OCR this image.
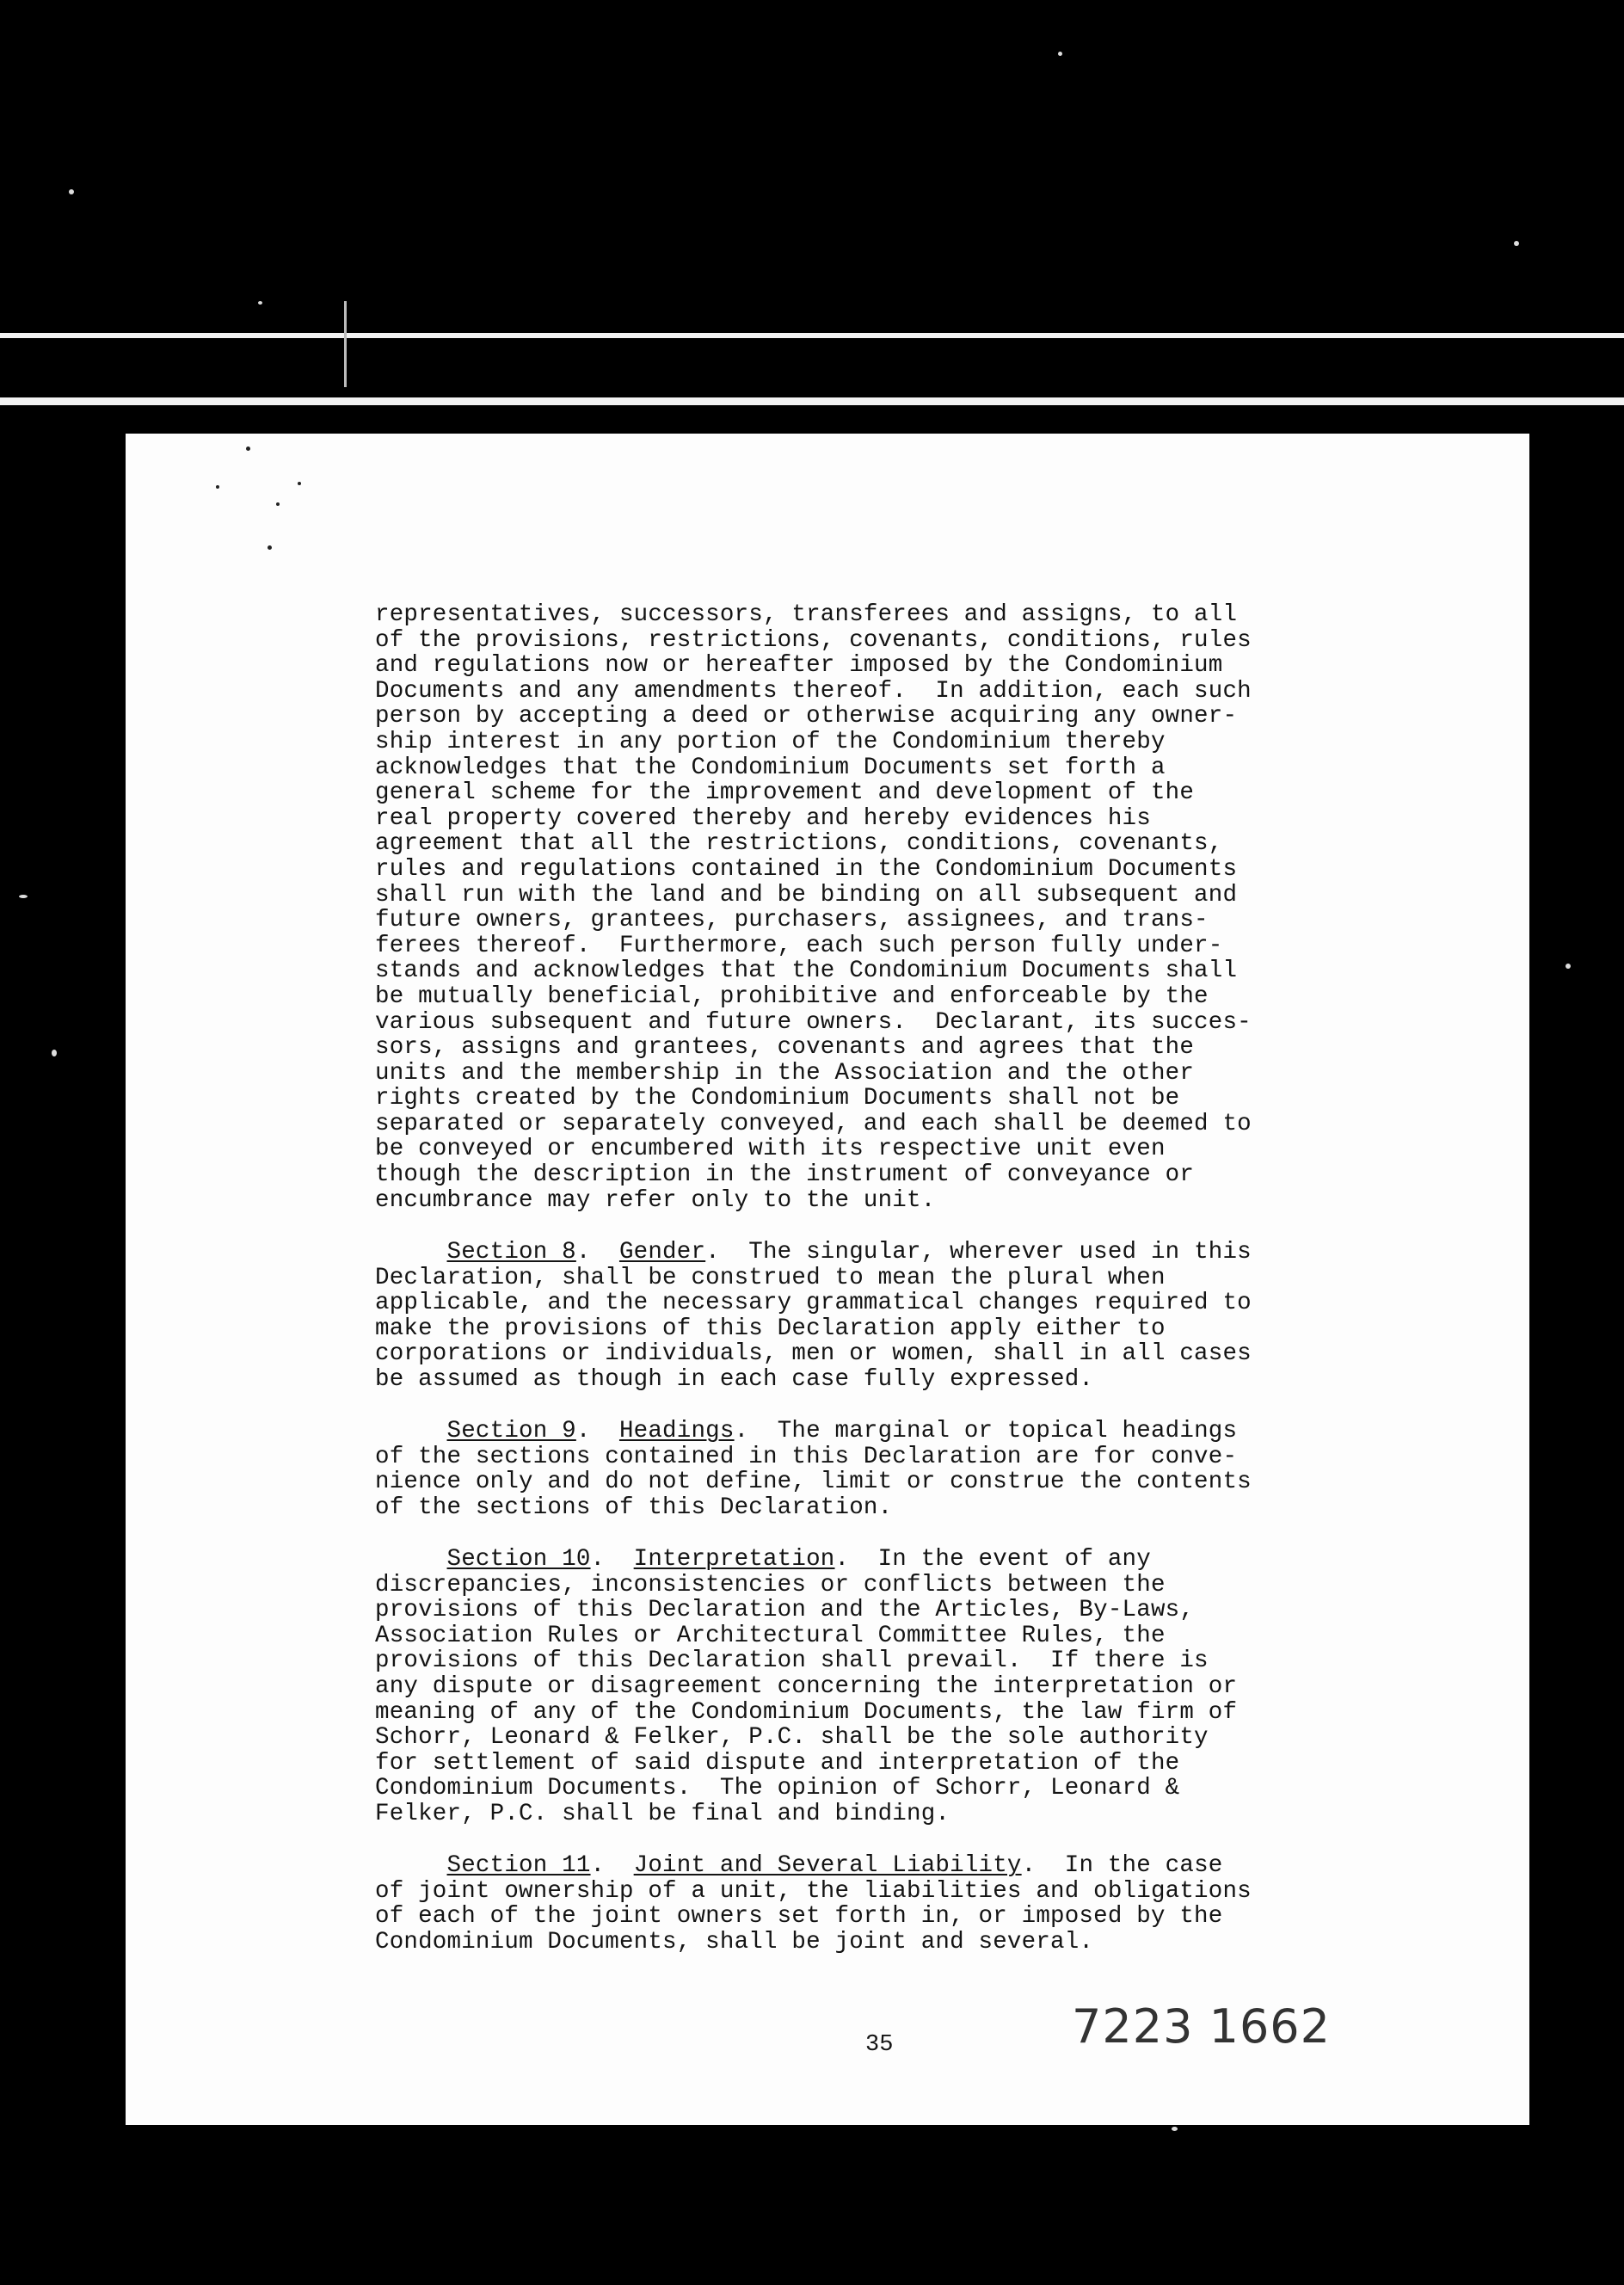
representatives, successors, transferees and assigns, to all

of the provisions, restrictions, covenants, conditions, rules

and regulations now or hereafter imposed by the Condominium

Documents and any amendments thereof.  In addition, each such

person by accepting a deed or otherwise acquiring any owner-

ship interest in any portion of the Condominium thereby

acknowledges that the Condominium Documents set forth a

general scheme for the improvement and development of the

real property covered thereby and hereby evidences his

agreement that all the restrictions, conditions, covenants,

rules and regulations contained in the Condominium Documents

shall run with the land and be binding on all subsequent and

future owners, grantees, purchasers, assignees, and trans-

ferees thereof.  Furthermore, each such person fully under-

stands and acknowledges that the Condominium Documents shall

be mutually beneficial, prohibitive and enforceable by the

various subsequent and future owners.  Declarant, its succes-

sors, assigns and grantees, covenants and agrees that the

units and the membership in the Association and the other

rights created by the Condominium Documents shall not be

separated or separately conveyed, and each shall be deemed to

be conveyed or encumbered with its respective unit even

though the description in the instrument of conveyance or

encumbrance may refer only to the unit.

Section 8.  Gender.  The singular, wherever used in this

Declaration, shall be construed to mean the plural when

applicable, and the necessary grammatical changes required to

make the provisions of this Declaration apply either to

corporations or individuals, men or women, shall in all cases

be assumed as though in each case fully expressed.

Section 9.  Headings.  The marginal or topical headings

of the sections contained in this Declaration are for conve-

nience only and do not define, limit or construe the contents

of the sections of this Declaration.

Section 10.  Interpretation.  In the event of any

discrepancies, inconsistencies or conflicts between the

provisions of this Declaration and the Articles, By-Laws,

Association Rules or Architectural Committee Rules, the

provisions of this Declaration shall prevail.  If there is

any dispute or disagreement concerning the interpretation or

meaning of any of the Condominium Documents, the law firm of

Schorr, Leonard & Felker, P.C. shall be the sole authority

for settlement of said dispute and interpretation of the

Condominium Documents.  The opinion of Schorr, Leonard &

Felker, P.C. shall be final and binding.

Section 11.  Joint and Several Liability.  In the case

of joint ownership of a unit, the liabilities and obligations

of each of the joint owners set forth in, or imposed by the

Condominium Documents, shall be joint and several.

35	7223 1662
